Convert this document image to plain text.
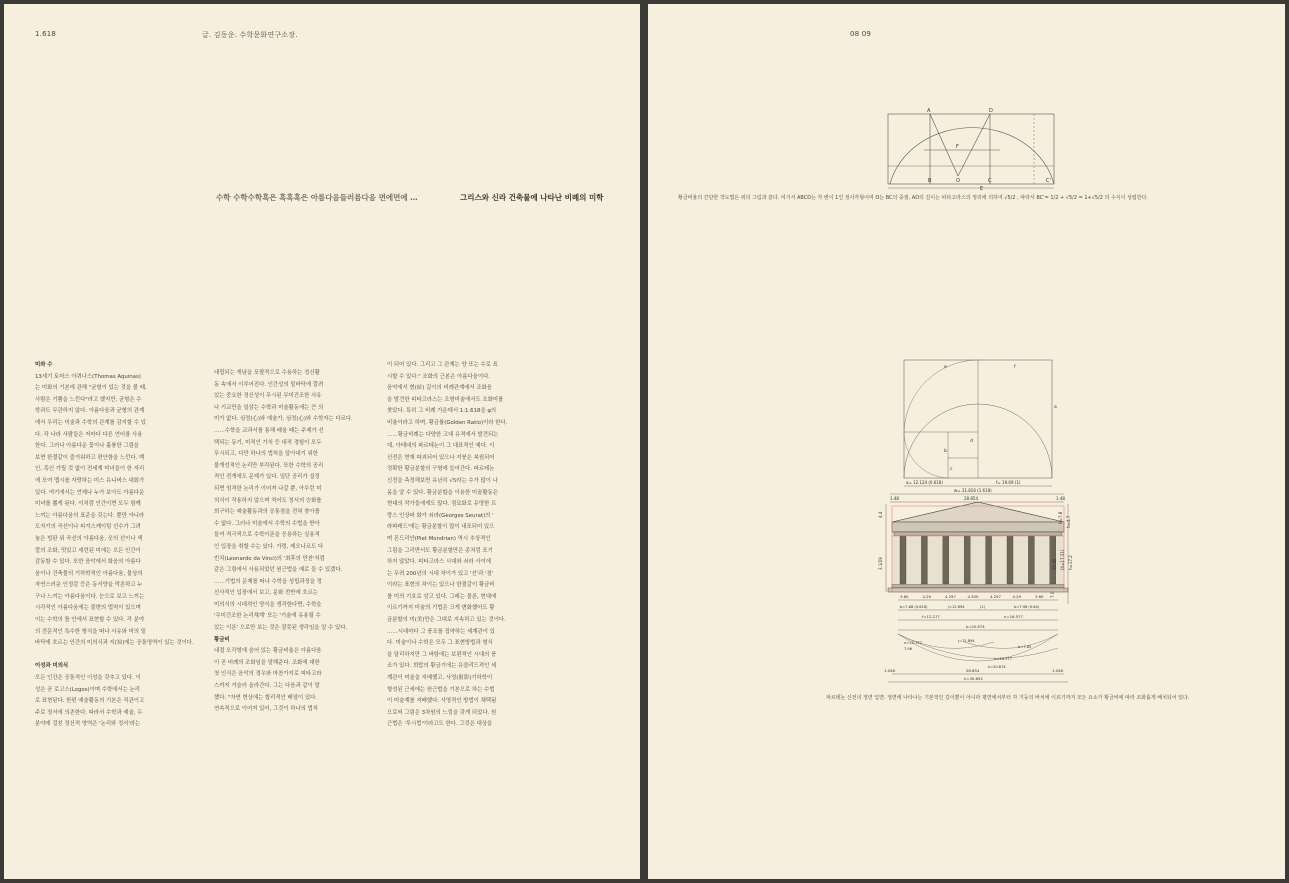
1.618	글. 김동운. 수학문화연구소장.
수학 수학수학혹은 혹혹혹은 아름다음들러름다음 면에면에 …	그리스와 신라 건축물에 나타난 비례의 미학

미와 수

13세기 토마스 아퀴나스(Thomas Aquinas)

는 미화의 기본에 관해 "균형이 있는 것을 볼 때,

사람은 기쁨을 느낀다"라고 했지만, 균형은 수

학과도 무관하지 않다. 아름다움과 균형의 관계

에서 우리는 미술과 수학의 관계를 감지할 수 있

다. 각 나라 사람들은 저마다 다른 언어를 사용

한다. 그러나 아름다운 꽃이나 훌륭한 그림을

보면 한결같이 즐거워하고 편안함을 느낀다. 백

인, 흑인 가릴 것 없이 전세계 미녀들이 한 자리

에 모여 멥시를 자랑하는 미스 유니버스 대회가

있다. 여기에서는 언제나 누가 보아도 아름다운

미녀를 뽑게 된다. 이처럼 인간이면 모두 함께

느끼는 아름다움의 표준을 갖는다. 뿐만 아니라

도자기의 곡선이나 피겨스케이팅 선수가 그려

놓은 빙판 위 곡선의 아름다움, 웃의 선이나 색

깔의 조화, 멋있고 세련된 미에는 모든 인간이

감동할 수 있다. 또한 음악에서 화음의 아름다

움이나 건축물의 기하학적인 아름다움, 물상의

자연스러운 인정감 등은 동서양을 막론하고 누

구나 느끼는 아름다움이다. 눈으로 보고 느끼는

시각적인 아름다움에는 불변의 법칙이 있으며

이는 수학의 틀 안에서 표현할 수 있다. 각 분야

의 전문적인 특수한 형식을 떠나 사유와 미의 밑

바닥에 흐르는 인간의 미의식과 지(知)에는 공통영역이 있는 것이다.

이성과 미의식

모든 인간은 공통적인 이성을 갖추고 있다. 이

성은 곧 로고스(Logos)이며 수학에서는 논리

로 표현된다. 한편 예술활동의 기본은 직관이고

주로 정서에 의존한다. 따라서 수학과 예술, 두

분야에 걸친 정신적 영역은 '논리와 정서'라는

대립되는 개념을 포괄적으로 수용하는 정신활

동 속에서 이루어진다. 인간성의 밑바닥에 깔려

있는 중요한 정신성이 무시된 무미건조한 사유

나 기교만을 일삼는 수학과 미술활동에는 큰 의

미가 없다. 심정(心)와 예술가, 심정(心)와 수학자는 다르다.

……수학을 교과서를 통해 배울 때는 주제가 선

택되는 동기, 미적인 가치 등 내적 경험이 모두

무시되고, 다만 하나의 법칙을 알아내기 위한

물개성적인 논리만 부각된다. 또한 수학의 공리

적인 전개에도 문제가 있다. 일단 공리가 설정

되면 엄격한 논리가 이어져 나갈 뿐, 아무런 미

의식이 작용하지 않으며 적어도 정서의 승화를

희구하는 예술활동과의 공통점을 전혀 찾아볼

수 없다. 그러나 미술에서 수학의 수법을 받아

들여 적극적으로 수학이론을 응용하는 실용적

인 입장을 취할 수는 있다. 가령, 레오나르도 다

빈치(Leonardo da Vinci)의 '최후의 만찬'처럼

같은 그림에서 사용되었던 원근법을 예로 들 수 있겠다.

……기법의 문제를 떠나 수학을 성립과정을 정

신사적인 입장에서 보고, 문화 전반에 흐르는

미의식의 시대적인 양식을 생각한다면, 수학을

'무미건조한 논리체계' 또는 '기술에 유용될 수

있는 이론' 으로만 보는 것은 잘못된 생각임을 알 수 있다.

황금비

내접 오각형에 숨어 있는 황금비율은 아름다움

이 곧 비례의 조화임을 말해준다. 조화에 대한

첫 인식은 음악의 경우와 마찬가지로 피타고라

스까지 거슬러 올라간다. 그는 다음과 같이 말

했다. "자연 현상에는 합리적인 배열이 있다.

연속적으로 이어져 있어, 그것이 하나의 법칙

이 되어 있다. 그리고 그 관계는 양 또는 수로 표

시할 수 있다." 조화의 근본은 아름다움이다.

음악에서 현(絃) 길이의 비례관계에서 조화음

을 발견한 피타고라스는 조형미술에서도 조화미를

찾았다. 특히 그 비례 가운데서 1:1.618을 φ의

비율이라고 하며, 황금률(Golden Ratio)이라 한다.

……황금비례는 다양한 고대 유적에서 발견되는

데, 아테네의 파르테논이 그 대표적인 예다. 이

신전은 현재 파괴되어 있으나 지붕은 복원되어

정확한 황금분할의 구형에 들어간다. 파르테논

신전을 측정해보면 유난히 √5라는 수가 많이 나

옴을 알 수 있다. 황금분할을 이용한 미술활동은

현대의 작가들에게도 많다. 점묘화로 유명한 프

랑스 인상파 화가 쇠라(Georges Seurat)의 '

라파레드'에는 황금분할이 많이 내포되어 있으

며 몬드리안(Piet Mondrian) 역시 추상적인

그림을 그리면서도 황금분할만은 종처럼 포기

하지 않았다. 피타고라스 시대와 쇠라 사이에

는 무려 200년의 시대 차이가 있고 '선'과 '점'

이라는 표현의 차이는 있으나 한결같이 황금비

를 미의 기호로 삼고 있다. 그래는 물론, 현대에

이르기까지 미술의 기법은 크게 변화했어도 황

금분할의 미(美)만은 그대로 지속하고 있는 것이다.

……시대마다 그 풍조를 집약하는 세계관이 있

다. 미술이나 수학은 모두 그 표현방법과 형식

을 달리하지만 그 바탕에는 보편적인 시대의 풍

조가 있다. 희랍의 황금기에는 유클리드적인 세

계관이 미술을 지배했고, 사영(射影)기하학이

형성된 근세에는 원근법을 기본으로 하는 수법

이 미술계를 지배했다. 사영적인 방법이 채택됨

으로써 그림은 3차원의 느낌을 갖게 되었다. 원

근법은 '투시법'이라고도 한다. 그것은 대상을

08 09
A	D
F
B	O	C	C'
E
황금비율의 간단한 작도법은 위의 그림과 같다. 여기서 ABCD는 각 변이 1인 정사각형이며 O는 BC의 중점, AD의 길이는 피타고라스의 정리에 의하여 √5/2 , 따라서 BC'= 1/2 + √5/2 = 1+√5/2 의 수식이 성립한다.
e	f
a
b
c
d
a= 12.124 (0.618)	f= 19.69 (1)
w= 31.816 (1.618)
28.854
1.48	1.48
4.4
3.1/29
h=7.8 h=4.7
10.45 (h=17.31) h=17.2
7.0
3.60	4.29	4.297	4.300	4.297	4.29	3.60
b=7.88 (0.618)	j=12.694	(1)	b=7.98 (0.64)
f=12.277	n=16.577
k=20.874
n=12.777	j=12.894
7.96	b=7.85
h=16.577
k=20.874
28.854
1.048	1.048
h=30.892
파르테논 신전의 정면 입면. 정면에 나타나는 기본적인 길이뿐이 아니라 평면에서부터 각 기둥의 바치에 이르기까지 모든 요소가 황금비에 따라 조화롭게 배치되어 있다.
